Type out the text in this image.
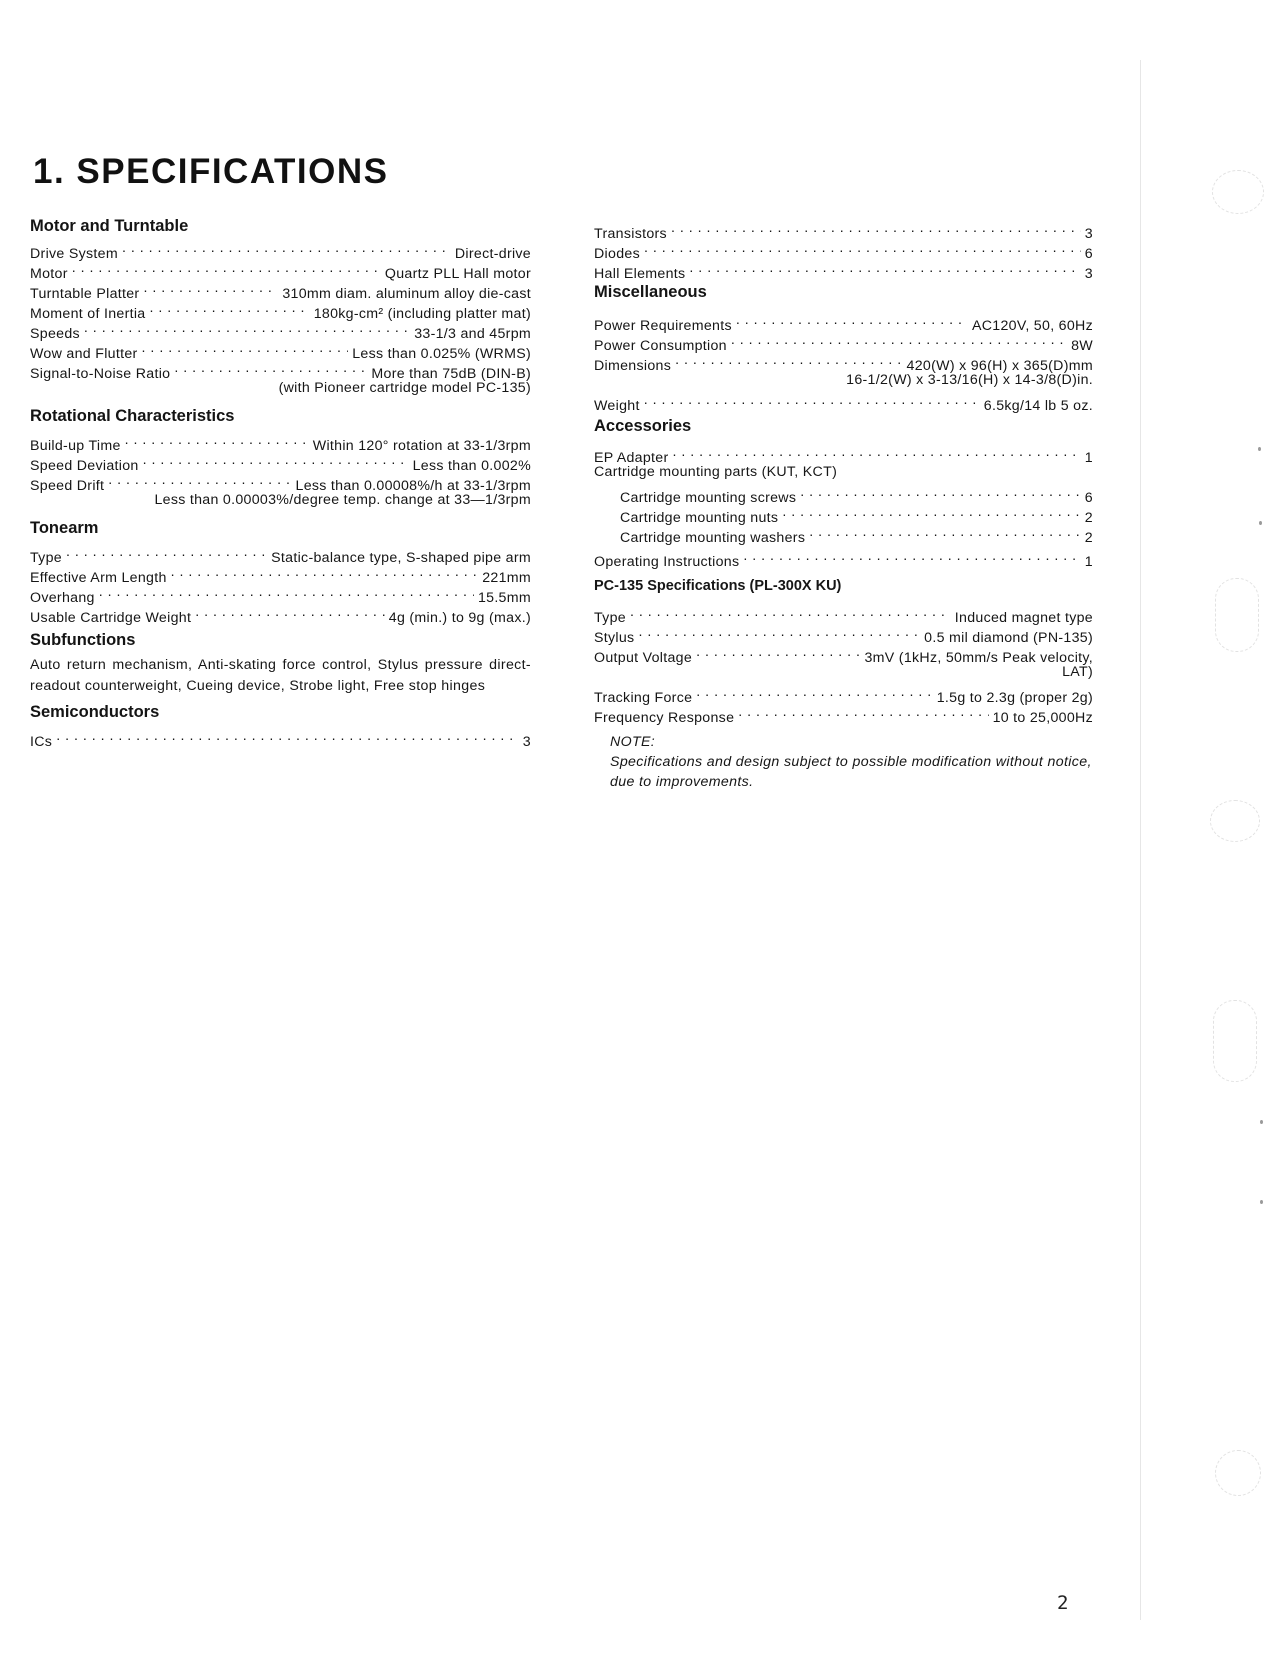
1. SPECIFICATIONS
Motor and Turntable
Drive System . . .	Direct-drive
Motor . . .	Quartz PLL Hall motor
Turntable Platter . . .	310mm diam. aluminum alloy die-cast
Moment of Inertia . . .	180kg-cm² (including platter mat)
Speeds . . .	33-1/3 and 45rpm
Wow and Flutter . . .	Less than 0.025% (WRMS)
Signal-to-Noise Ratio . . .	More than 75dB (DIN-B)
(with Pioneer cartridge model PC-135)
Rotational Characteristics
Build-up Time . . .	Within 120° rotation at 33-1/3rpm
Speed Deviation . . .	Less than 0.002%
Speed Drift . . .	Less than 0.00008%/h at 33-1/3rpm
Less than 0.00003%/degree temp. change at 33—1/3rpm
Tonearm
Type . . .	Static-balance type, S-shaped pipe arm
Effective Arm Length . . .	221mm
Overhang . . .	15.5mm
Usable Cartridge Weight . . .	4g (min.) to 9g (max.)
Subfunctions
Auto return mechanism, Anti-skating force control, Stylus pressure direct-readout counterweight, Cueing device, Strobe light, Free stop hinges
Semiconductors
ICs . . .	3
Transistors . . .	3
Diodes . . .	6
Hall Elements . . .	3
Miscellaneous
Power Requirements . . .	AC120V, 50, 60Hz
Power Consumption . . .	8W
Dimensions . . .	420(W) x 96(H) x 365(D)mm
16-1/2(W) x 3-13/16(H) x 14-3/8(D)in.
Weight . . .	6.5kg/14 lb 5 oz.
Accessories
EP Adapter . . .	1
Cartridge mounting parts (KUT, KCT)
Cartridge mounting screws . . .	6
Cartridge mounting nuts . . .	2
Cartridge mounting washers . . .	2
Operating Instructions . . .	1
PC-135 Specifications (PL-300X KU)
Type . . .	Induced magnet type
Stylus . . .	0.5 mil diamond (PN-135)
Output Voltage . . .	3mV (1kHz, 50mm/s Peak velocity,
LAT)
Tracking Force . . .	1.5g to 2.3g (proper 2g)
Frequency Response . . .	10 to 25,000Hz
NOTE:
Specifications and design subject to possible modification without notice, due to improvements.
2
